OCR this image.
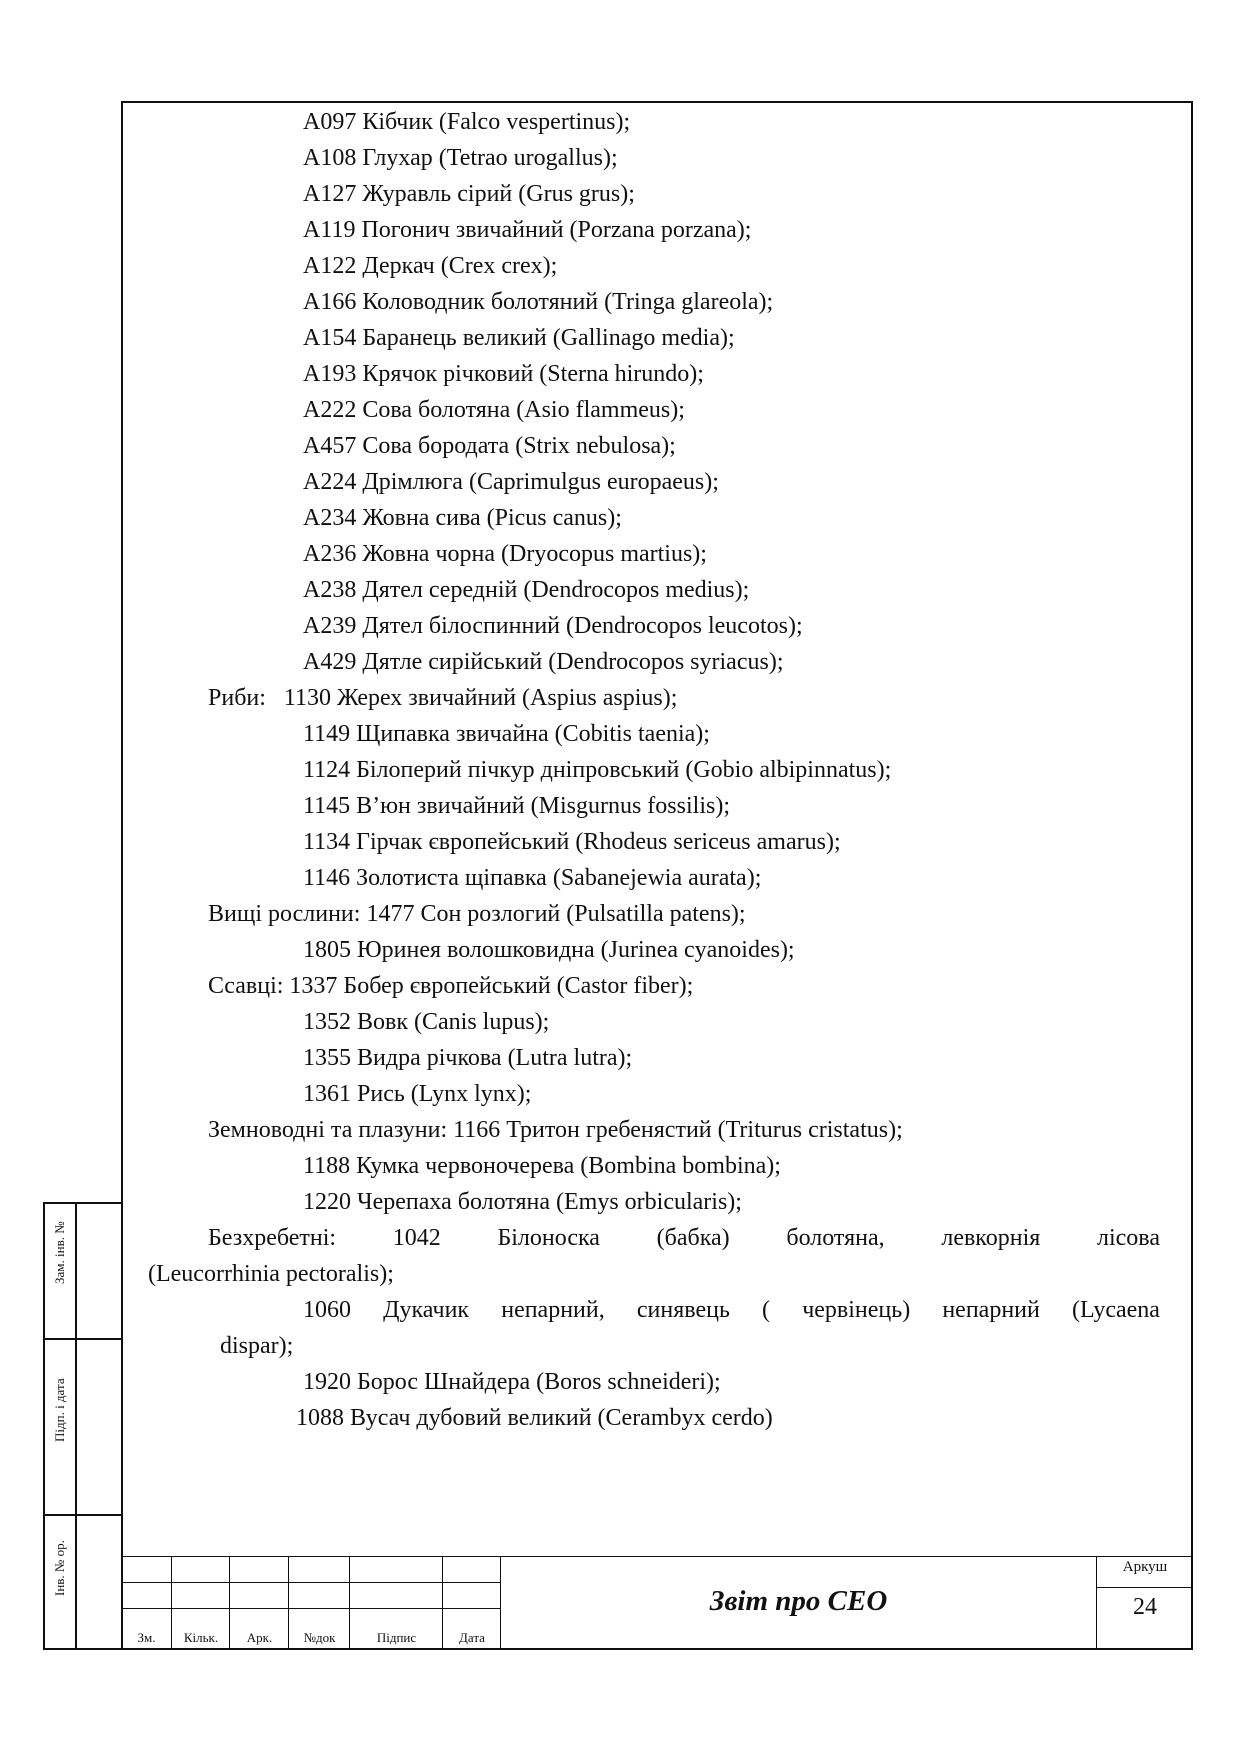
A097 Кібчик (Falco vespertinus);
A108 Глухар (Tetrao urogallus);
A127 Журавль сірий (Grus grus);
A119 Погонич звичайний (Porzana porzana);
A122 Деркач (Crex crex);
A166 Коловодник болотяний (Tringa glareola);
A154 Баранець великий (Gallinago media);
A193 Крячок річковий (Sterna hirundo);
A222 Сова болотяна (Asio flammeus);
A457 Сова бородата (Strix nebulosa);
A224 Дрімлюга (Caprimulgus europaeus);
A234 Жовна сива (Picus canus);
A236 Жовна чорна (Dryocopus martius);
A238 Дятел середній (Dendrocopos medius);
A239 Дятел білоспинний (Dendrocopos leucotos);
A429 Дятле сирійський (Dendrocopos syriacus);
Риби: 1130 Жерех звичайний (Aspius aspius);
1149 Щипавка звичайна (Cobitis taenia);
1124 Білоперий пічкур дніпровський (Gobio albipinnatus);
1145 В’юн звичайний (Misgurnus fossilis);
1134 Гірчак європейський (Rhodeus sericeus amarus);
1146 Золотиста щіпавка (Sabanejewia aurata);
Вищі рослини: 1477 Сон розлогий (Pulsatilla patens);
1805 Юринея волошковидна (Jurinea cyanoides);
Ссавці: 1337 Бобер європейський (Castor fiber);
1352 Вовк (Canis lupus);
1355 Видра річкова (Lutra lutra);
1361 Рись (Lynx lynx);
Земноводні та плазуни: 1166 Тритон гребенястий (Triturus cristatus);
1188 Кумка червоночерева (Bombina bombina);
1220 Черепаха болотяна (Emys orbicularis);
Безхребетні: 1042 Білоноска (бабка) болотяна, левкорнія лісова
(Leucorrhinia pectoralis);
1060 Дукачик непарний, синявець ( червінець) непарний (Lycaena
dispar);
1920 Борос Шнайдера (Boros schneideri);
1088 Вусач дубовий великий (Cerambyx cerdo)
Зам. інв. №
Підп. і дата
Інв. № ор.
Зм.	Кільк.	Арк.	№док	Підпис	Дата
Звіт про СЕО
Аркуш
24
